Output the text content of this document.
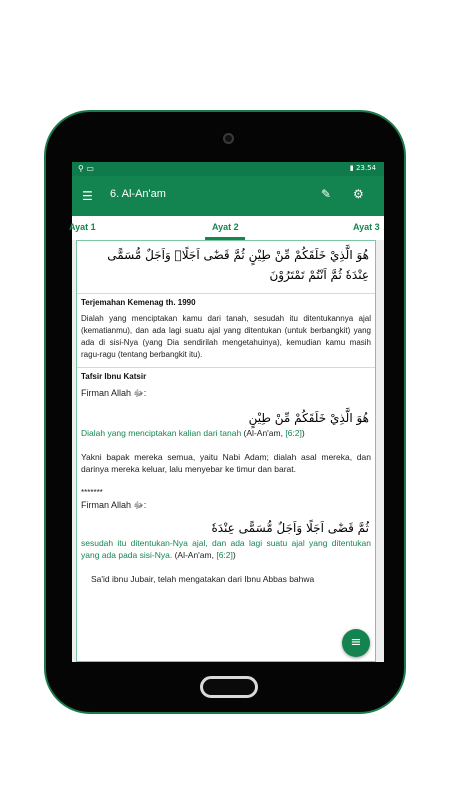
⚲ ▭	▮ 23.54
☰ 6. Al-An'am	✎ ⚙
Ayat 1	Ayat 2	Ayat 3
هُوَ الَّذِيْ خَلَقَكُمْ مِّنْ طِيْنٍ ثُمَّ قَضٰٓى اَجَلًاۗ وَاَجَلٌ مُّسَمًّى عِنْدَهٗ ثُمَّ اَنْتُمْ تَمْتَرُوْنَ
Terjemahan Kemenag th. 1990
Dialah yang menciptakan kamu dari tanah, sesudah itu ditentukannya ajal (kematianmu), dan ada lagi suatu ajal yang ditentukan (untuk berbangkit) yang ada di sisi-Nya (yang Dia sendirilah mengetahuinya), kemudian kamu masih ragu-ragu (tentang berbangkit itu).
Tafsir Ibnu Katsir
Firman Allah ﷻ:
هُوَ الَّذِيْ خَلَقَكُمْ مِّنْ طِيْنٍ
Dialah yang menciptakan kalian dari tanah (Al-An'am, [6:2])
Yakni bapak mereka semua, yaitu Nabi Adam; dialah asal mereka, dan darinya mereka keluar, lalu menyebar ke timur dan barat.
*******
Firman Allah ﷻ:
ثُمَّ قَضٰٓى اَجَلًا وَاَجَلٌ مُّسَمًّى عِنْدَهٗ
sesudah itu ditentukan-Nya ajal, dan ada lagi suatu ajal yang ditentukan yang ada pada sisi-Nya. (Al-An'am, [6:2])
Sa'id ibnu Jubair, telah mengatakan dari Ibnu Abbas bahwa
≡
